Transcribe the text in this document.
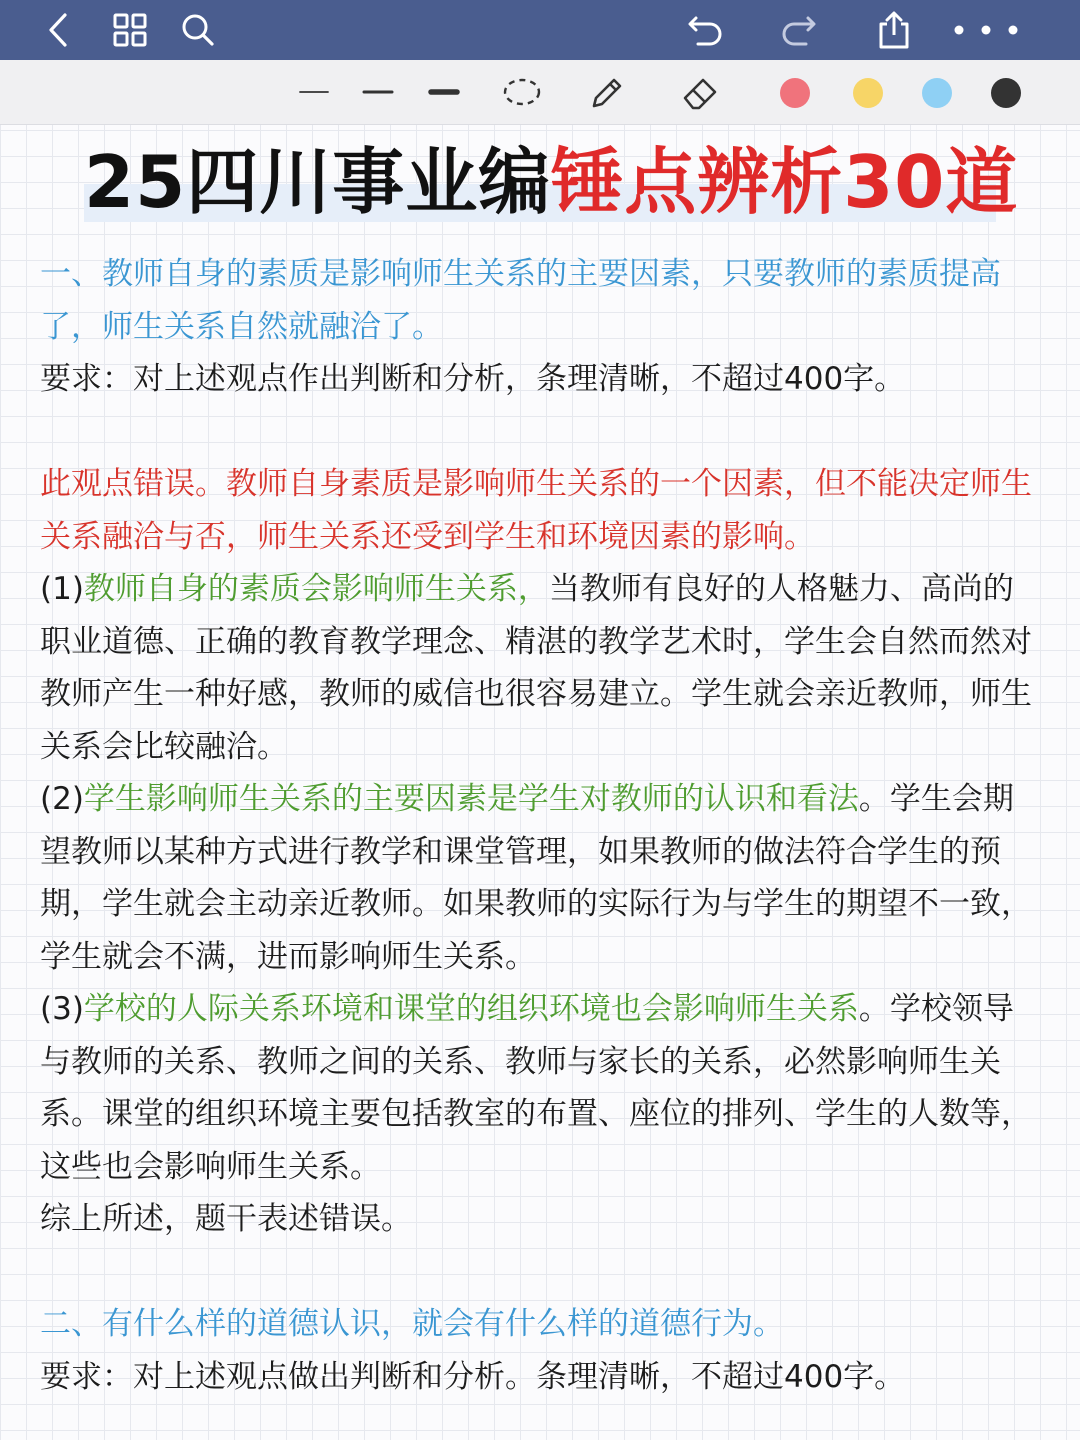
25四川事业编锤点辨析30道

一、教师自身的素质是影响师生关系的主要因素，只要教师的素质提高了，师生关系自然就融洽了。

要求：对上述观点作出判断和分析，条理清晰，不超过400字。

此观点错误。教师自身素质是影响师生关系的一个因素，但不能决定师生关系融洽与否，师生关系还受到学生和环境因素的影响。

(1)教师自身的素质会影响师生关系，当教师有良好的人格魅力、高尚的职业道德、正确的教育教学理念、精湛的教学艺术时，学生会自然而然对教师产生一种好感，教师的威信也很容易建立。学生就会亲近教师，师生关系会比较融洽。

(2)学生影响师生关系的主要因素是学生对教师的认识和看法。学生会期望教师以某种方式进行教学和课堂管理，如果教师的做法符合学生的预期，学生就会主动亲近教师。如果教师的实际行为与学生的期望不一致，学生就会不满，进而影响师生关系。

(3)学校的人际关系环境和课堂的组织环境也会影响师生关系。学校领导与教师的关系、教师之间的关系、教师与家长的关系，必然影响师生关系。课堂的组织环境主要包括教室的布置、座位的排列、学生的人数等，这些也会影响师生关系。

综上所述，题干表述错误。

二、有什么样的道德认识，就会有什么样的道德行为。

要求：对上述观点做出判断和分析。条理清晰，不超过400字。
